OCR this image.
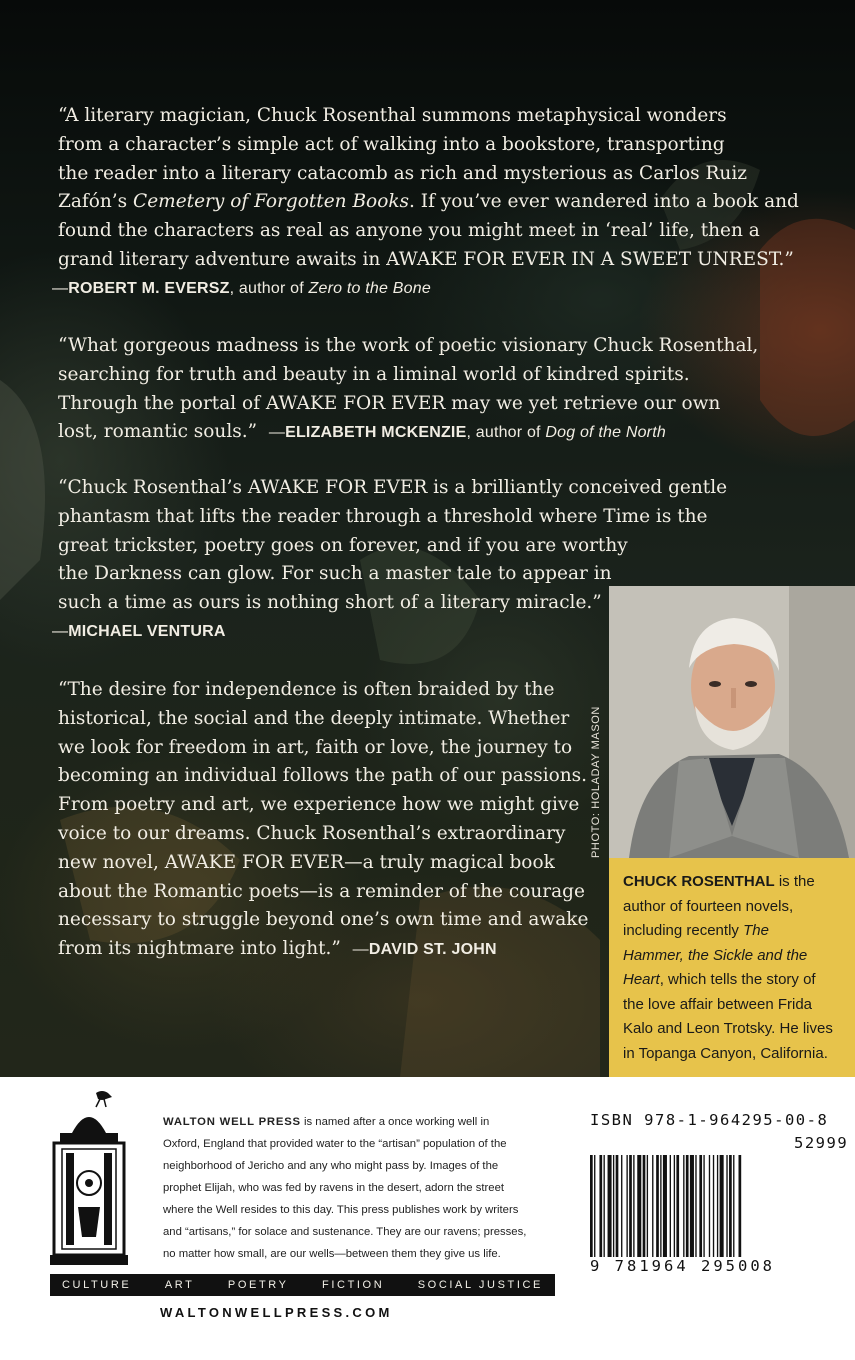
“A literary magician, Chuck Rosenthal summons metaphysical wonders
from a character’s simple act of walking into a bookstore, transporting
the reader into a literary catacomb as rich and mysterious as Carlos Ruiz
Zafón’s Cemetery of Forgotten Books. If you’ve ever wandered into a book and
found the characters as real as anyone you might meet in ‘real’ life, then a
grand literary adventure awaits in AWAKE FOR EVER IN A SWEET UNREST.”
—ROBERT M. EVERSZ, author of Zero to the Bone
“What gorgeous madness is the work of poetic visionary Chuck Rosenthal,
searching for truth and beauty in a liminal world of kindred spirits.
Through the portal of AWAKE FOR EVER may we yet retrieve our own
lost, romantic souls.” —ELIZABETH MCKENZIE, author of Dog of the North
“Chuck Rosenthal’s AWAKE FOR EVER is a brilliantly conceived gentle
phantasm that lifts the reader through a threshold where Time is the
great trickster, poetry goes on forever, and if you are worthy
the Darkness can glow. For such a master tale to appear in
such a time as ours is nothing short of a literary miracle.”
—MICHAEL VENTURA
“The desire for independence is often braided by the
historical, the social and the deeply intimate. Whether
we look for freedom in art, faith or love, the journey to
becoming an individual follows the path of our passions.
From poetry and art, we experience how we might give
voice to our dreams. Chuck Rosenthal’s extraordinary
new novel, AWAKE FOR EVER—a truly magical book
about the Romantic poets—is a reminder of the courage
necessary to struggle beyond one’s own time and awake
from its nightmare into light.” —DAVID ST. JOHN
PHOTO: HOLADAY MASON
CHUCK ROSENTHAL is the
author of fourteen novels,
including recently The
Hammer, the Sickle and the
Heart, which tells the story of
the love affair between Frida
Kalo and Leon Trotsky. He lives
in Topanga Canyon, California.
WALTON WELL PRESS is named after a once working well in
Oxford, England that provided water to the “artisan” population of the
neighborhood of Jericho and any who might pass by. Images of the
prophet Elijah, who was fed by ravens in the desert, adorn the street
where the Well resides to this day. This press publishes work by writers
and “artisans,” for solace and sustenance. They are our ravens; presses,
no matter how small, are our wells—between them they give us life.
CULTURE	ART	POETRY	FICTION	SOCIAL JUSTICE
WALTONWELLPRESS.COM
ISBN 978-1-964295-00-8
52999
9 781964 295008
